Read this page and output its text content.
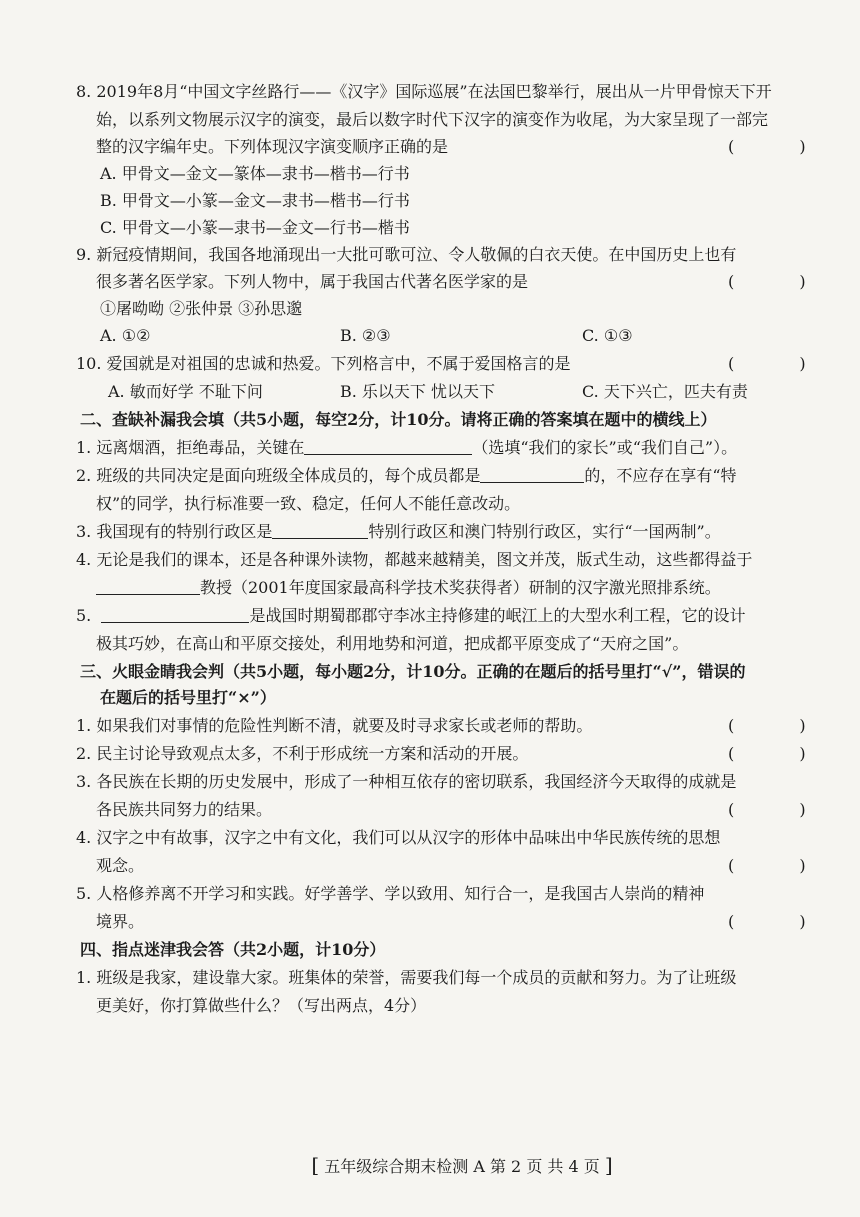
8. 2019年8月“中国文字丝路行——《汉字》国际巡展”在法国巴黎举行，展出从一片甲骨惊天下开
始，以系列文物展示汉字的演变，最后以数字时代下汉字的演变作为收尾，为大家呈现了一部完
整的汉字编年史。下列体现汉字演变顺序正确的是	( )
A. 甲骨文—金文—篆体—隶书—楷书—行书
B. 甲骨文—小篆—金文—隶书—楷书—行书
C. 甲骨文—小篆—隶书—金文—行书—楷书
9. 新冠疫情期间，我国各地涌现出一大批可歌可泣、令人敬佩的白衣天使。在中国历史上也有
很多著名医学家。下列人物中，属于我国古代著名医学家的是	( )
①屠呦呦 ②张仲景 ③孙思邈
A. ①②	B. ②③	C. ①③
10. 爱国就是对祖国的忠诚和热爱。下列格言中，不属于爱国格言的是	( )
A. 敏而好学 不耻下问	B. 乐以天下 忧以天下	C. 天下兴亡，匹夫有责
二、查缺补漏我会填（共5小题，每空2分，计10分。请将正确的答案填在题中的横线上）
1. 远离烟酒，拒绝毒品，关键在	（选填“我们的家长”或“我们自己”）。
2. 班级的共同决定是面向班级全体成员的，每个成员都是	的，不应存在享有“特
权”的同学，执行标准要一致、稳定，任何人不能任意改动。
3. 我国现有的特别行政区是	特别行政区和澳门特别行政区，实行“一国两制”。
4. 无论是我们的课本，还是各种课外读物，都越来越精美，图文并茂，版式生动，这些都得益于
教授（2001年度国家最高科学技术奖获得者）研制的汉字激光照排系统。
5.	是战国时期蜀郡郡守李冰主持修建的岷江上的大型水利工程，它的设计
极其巧妙，在高山和平原交接处，利用地势和河道，把成都平原变成了“天府之国”。
三、火眼金睛我会判（共5小题，每小题2分，计10分。正确的在题后的括号里打“√”，错误的
在题后的括号里打“×”）
1. 如果我们对事情的危险性判断不清，就要及时寻求家长或老师的帮助。	( )
2. 民主讨论导致观点太多，不利于形成统一方案和活动的开展。	( )
3. 各民族在长期的历史发展中，形成了一种相互依存的密切联系，我国经济今天取得的成就是
各民族共同努力的结果。	( )
4. 汉字之中有故事，汉字之中有文化，我们可以从汉字的形体中品味出中华民族传统的思想
观念。	( )
5. 人格修养离不开学习和实践。好学善学、学以致用、知行合一，是我国古人崇尚的精神
境界。	( )
四、指点迷津我会答（共2小题，计10分）
1. 班级是我家，建设靠大家。班集体的荣誉，需要我们每一个成员的贡献和努力。为了让班级
更美好，你打算做些什么？（写出两点，4分）
[ 五年级综合期末检测 A 第 2 页 共 4 页 ]
